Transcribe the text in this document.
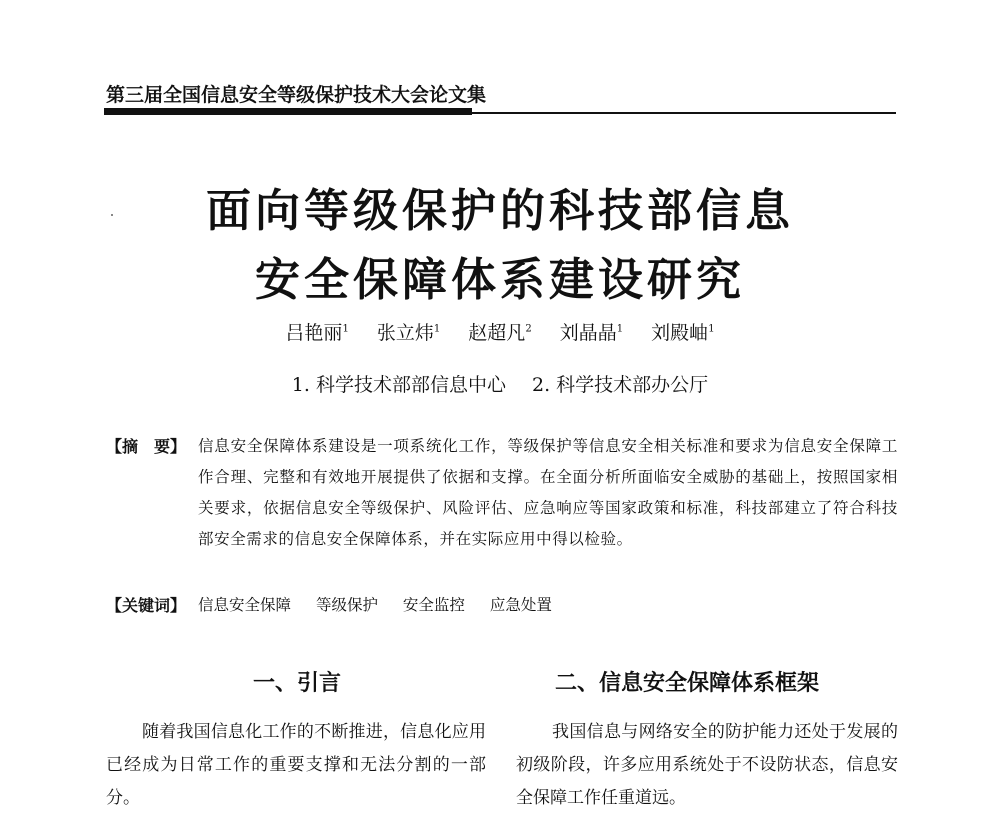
第三届全国信息安全等级保护技术大会论文集
面向等级保护的科技部信息
安全保障体系建设研究
吕艳丽$^1$ 张立炜$^1$ 赵超凡$^2$ 刘晶晶$^1$ 刘殿岫$^1$
1. 科学技术部部信息中心 2. 科学技术部办公厅
【摘　要】 信息安全保障体系建设是一项系统化工作，等级保护等信息安全相关标准和要求为信息安全保障工作合理、完整和有效地开展提供了依据和支撑。在全面分析所面临安全威胁的基础上，按照国家相关要求，依据信息安全等级保护、风险评估、应急响应等国家政策和标准，科技部建立了符合科技部安全需求的信息安全保障体系，并在实际应用中得以检验。
【关键词】 信息安全保障 等级保护 安全监控 应急处置
一、引言	二、信息安全保障体系框架
随着我国信息化工作的不断推进，信息化应用已经成为日常工作的重要支撑和无法分割的一部分。
我国信息与网络安全的防护能力还处于发展的初级阶段，许多应用系统处于不设防状态，信息安全保障工作任重道远。
